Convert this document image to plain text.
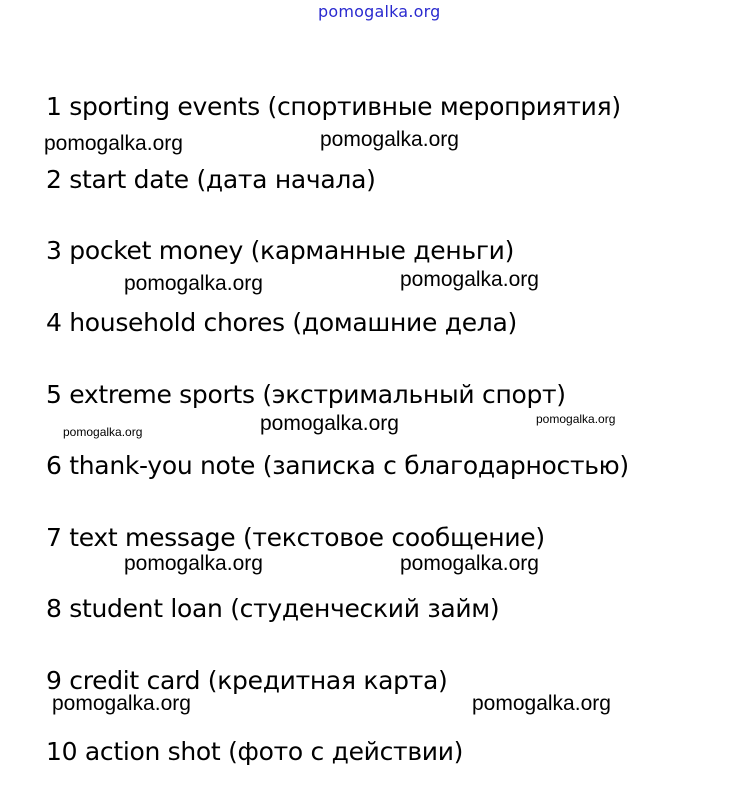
pomogalka.org
1 sporting events (спортивные мероприятия)
2 start date (дата начала)
3 pocket money (карманные деньги)
4 household chores (домашние дела)
5 extreme sports (экстримальный спорт)
6 thank-you note (записка с благодарностью)
7 text message (текстовое сообщение)
8 student loan (студенческий займ)
9 credit card (кредитная карта)
10 action shot (фото с действии)
pomogalka.org	pomogalka.org
pomogalka.org	pomogalka.org
pomogalka.org	pomogalka.org	pomogalka.org
pomogalka.org	pomogalka.org
pomogalka.org	pomogalka.org
